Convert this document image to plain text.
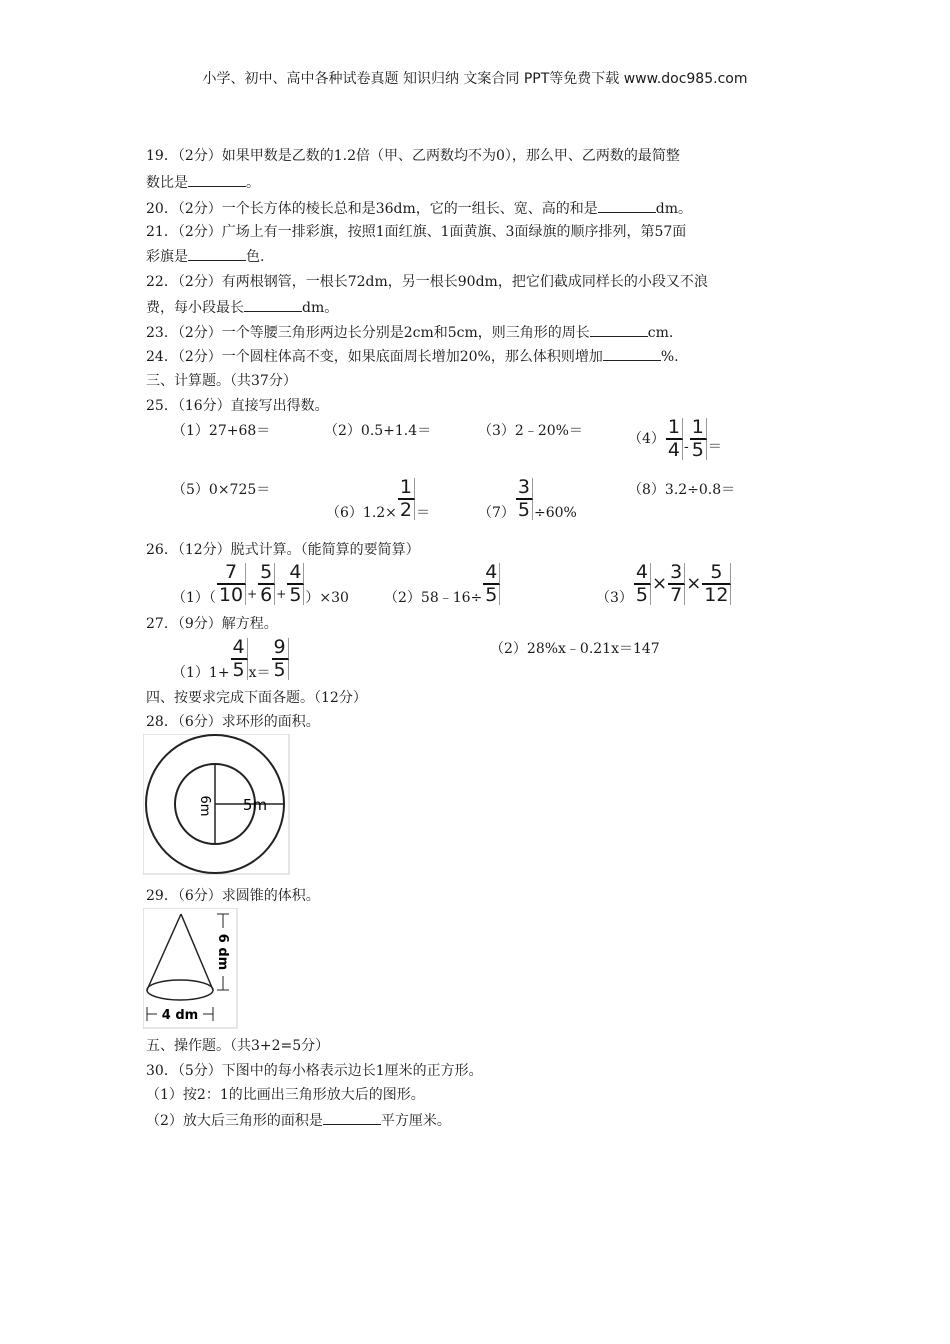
小学、初中、高中各种试卷真题 知识归纳 文案合同 PPT等免费下载 www.doc985.com
19．（2分）如果甲数是乙数的1.2倍（甲、乙两数均不为0），那么甲、乙两数的最简整
数比是	。
20．（2分）一个长方体的棱长总和是36dm，它的一组长、宽、高的和是	dm。
21．（2分）广场上有一排彩旗，按照1面红旗、1面黄旗、3面绿旗的顺序排列，第57面
彩旗是	色.
22．（2分）有两根钢管，一根长72dm，另一根长90dm，把它们截成同样长的小段又不浪
费，每小段最长	dm。
23．（2分）一个等腰三角形两边长分别是2cm和5cm，则三角形的周长	cm.
24．（2分）一个圆柱体高不变，如果底面周长增加20%，那么体积则增加	%.
三、计算题。（共37分）
25．（16分）直接写出得数。
（1）27+68＝	（2）0.5+1.4＝	（3）2﹣20%＝	$(4) \frac{1}{4} - \frac{1}{5}$ ＝
（5）0×725＝
$(6)1.2\times \frac{1}{2}$ ＝	$(7) \frac{3}{5} \div 60\%$
（8）3.2÷0.8＝
26．（12分）脱式计算。（能简算的要简算）
$(1)( \frac{7}{10} + \frac{5}{6} + \frac{4}{5} )\times 30$	（2）58﹣16÷ $\frac{4}{5}$	$(3) \frac{4}{5} \times \frac{3}{7} \times \frac{5}{12}$
27．（9分）解方程。
$(1)1+ \frac{4}{5} x= \frac{9}{5}$	（2）28%x﹣0.21x＝147
四、按要求完成下面各题。（12分）
28．（6分）求环形的面积。
6m 5m
29．（6分）求圆锥的体积。
6 dm
4 dm
五、操作题。（共3+2=5分）
30．（5分）下图中的每小格表示边长1厘米的正方形。
（1）按2：1的比画出三角形放大后的图形。
（2）放大后三角形的面积是	平方厘米。
